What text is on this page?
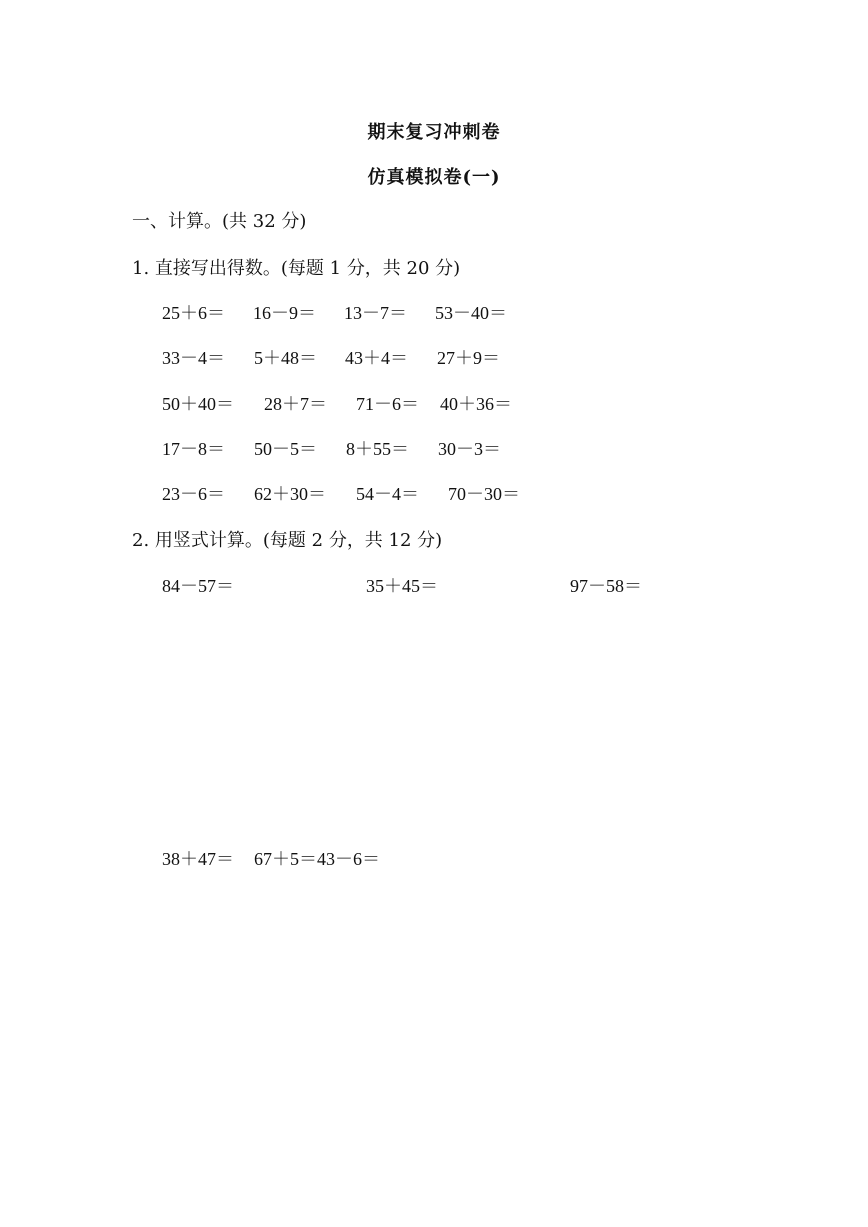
期末复习冲刺卷
仿真模拟卷(一)
一、计算。(共 32 分)
1. 直接写出得数。(每题 1 分，共 20 分)
25＋6＝ 16－9＝ 13－7＝ 53－40＝
33－4＝ 5＋48＝ 43＋4＝ 27＋9＝
50＋40＝ 28＋7＝ 71－6＝ 40＋36＝
17－8＝ 50－5＝ 8＋55＝ 30－3＝
23－6＝ 62＋30＝ 54－4＝ 70－30＝
2. 用竖式计算。(每题 2 分，共 12 分)
84－57＝	35＋45＝	97－58＝
38＋47＝ 67＋5＝43－6＝
